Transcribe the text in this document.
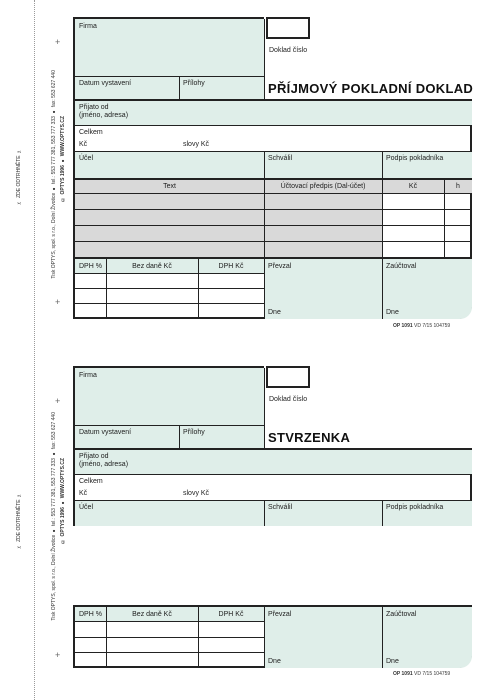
+
+
+
+
✂ ZDE ODTRHNĚTE ✂
✂ ZDE ODTRHNĚTE ✂
Tisk OPTYS, spol. s r.o., Dolní Životice ● tel.: 553 777 381, 553 777 333 ● fax: 553 627 440 © OPTYS 1996 ● WWW.OPTYS.CZ
Tisk OPTYS, spol. s r.o., Dolní Životice ● tel.: 553 777 381, 553 777 333 ● fax: 553 627 440 © OPTYS 1996 ● WWW.OPTYS.CZ
Firma
Datum vystavení	Přílohy
Doklad číslo
PŘÍJMOVÝ POKLADNÍ DOKLAD
Přijato od
(jméno, adresa)
Celkem
Kč	slovy Kč
Účel	Schválil	Podpis pokladníka
Text	Účtovací předpis (Dal-účet)	Kč	h
DPH %	Bez daně Kč	DPH Kč	Převzal	Zaúčtoval
Dne	Dne
OP 1091 VD 7/15 104759
Firma
Datum vystavení	Přílohy
Doklad číslo
STVRZENKA
Přijato od
(jméno, adresa)
Celkem
Kč	slovy Kč
Účel	Schválil	Podpis pokladníka
DPH %	Bez daně Kč	DPH Kč	Převzal	Zaúčtoval
Dne	Dne
OP 1091 VD 7/15 104759
